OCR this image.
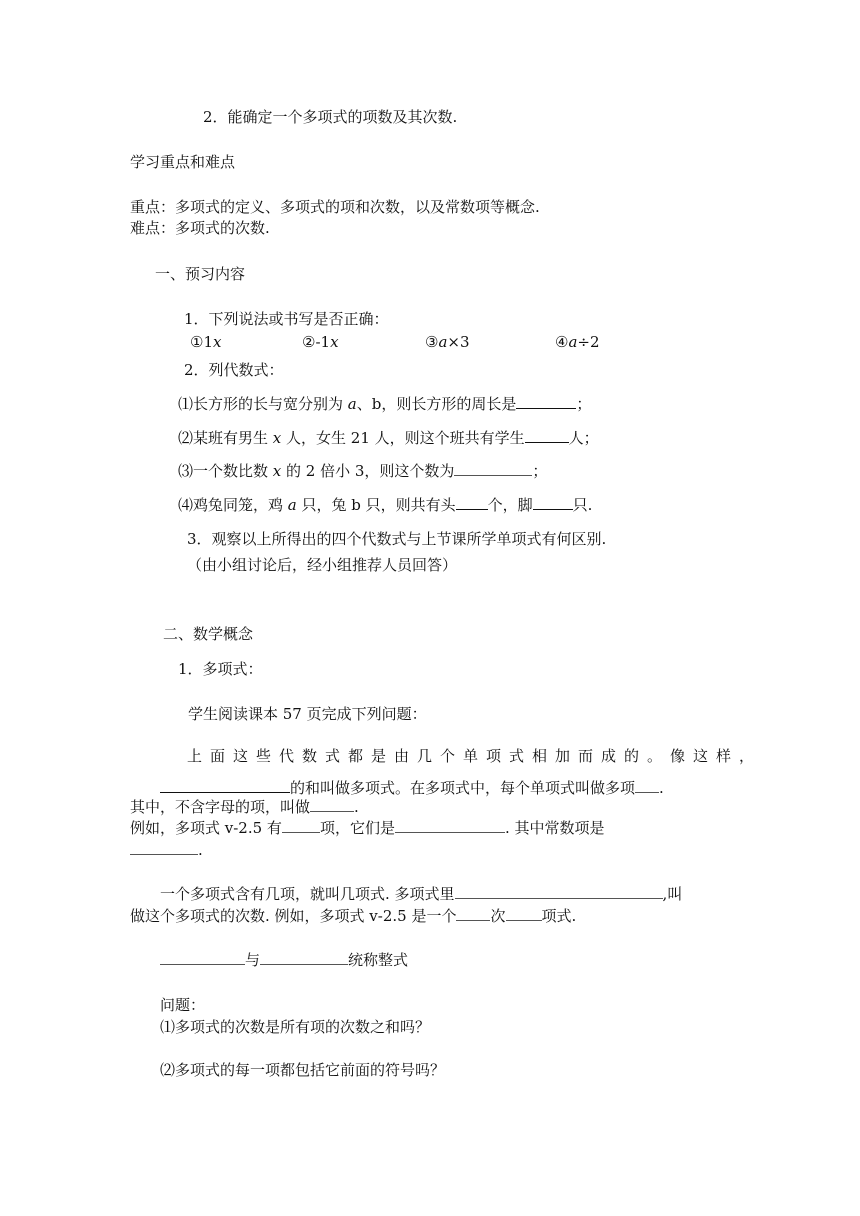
2．能确定一个多项式的项数及其次数.
学习重点和难点
重点：多项式的定义、多项式的项和次数，以及常数项等概念.
难点：多项式的次数.
一、预习内容
1．下列说法或书写是否正确：
①1x	②-1x	③a×3	④a÷2
2．列代数式：
⑴长方形的长与宽分别为 a、b，则长方形的周长是	；
⑵某班有男生 x 人，女生 21 人，则这个班共有学生	人；
⑶一个数比数 x 的 2 倍小 3，则这个数为	；
⑷鸡兔同笼，鸡 a 只，兔 b 只，则共有头 个，脚	只.
3．观察以上所得出的四个代数式与上节课所学单项式有何区别.
（由小组讨论后，经小组推荐人员回答）
二、数学概念
1．多项式：
学生阅读课本 57 页完成下列问题：
上面这些代数式都是由几个单项式相加而成的。像这样，
的和叫做多项式。在多项式中，每个单项式叫做多项 .
其中，不含字母的项，叫做	.
例如，多项式 v-2.5 有	项，它们是	. 其中常数项是
.
一个多项式含有几项，就叫几项式. 多项式里	,叫
做这个多项式的次数. 例如，多项式 v-2.5 是一个 次 项式.
与	统称整式
问题：
⑴多项式的次数是所有项的次数之和吗？
⑵多项式的每一项都包括它前面的符号吗？
